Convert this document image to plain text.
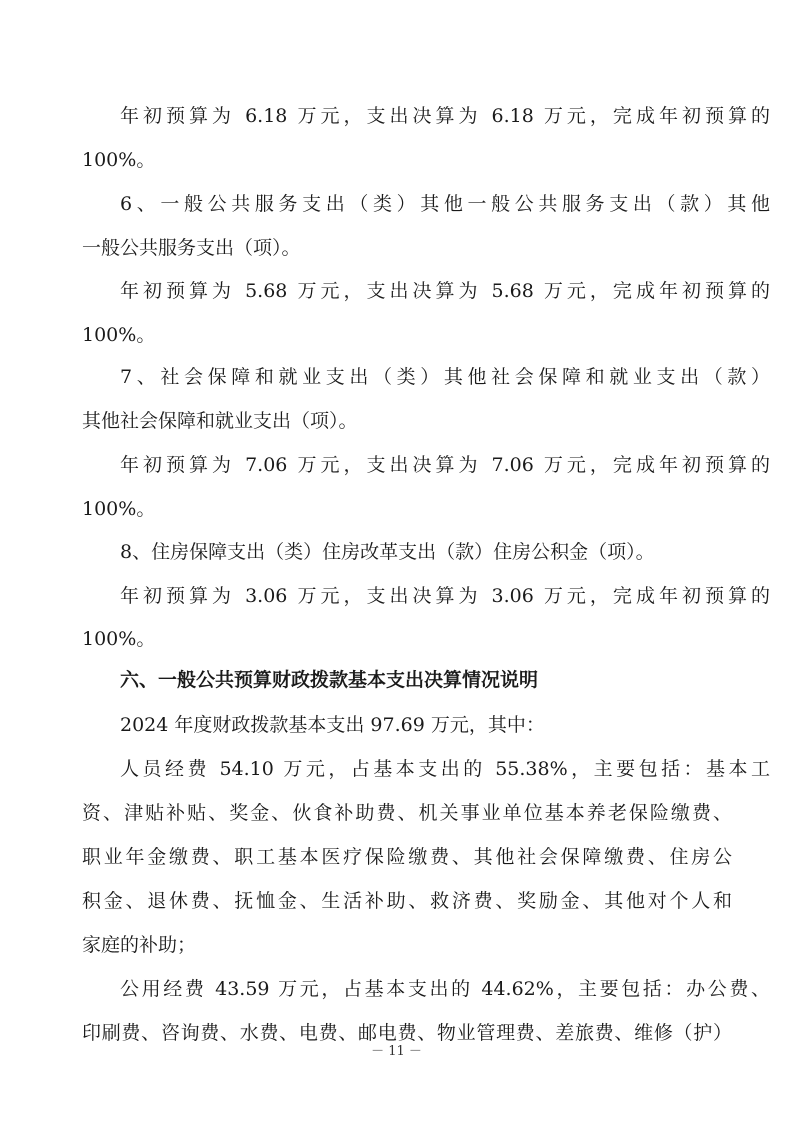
年初预算为 6.18 万元，支出决算为 6.18 万元，完成年初预算的
100%。
6、一般公共服务支出（类）其他一般公共服务支出（款）其他
一般公共服务支出（项）。
年初预算为 5.68 万元，支出决算为 5.68 万元，完成年初预算的
100%。
7、社会保障和就业支出（类）其他社会保障和就业支出（款）
其他社会保障和就业支出（项）。
年初预算为 7.06 万元，支出决算为 7.06 万元，完成年初预算的
100%。
8、住房保障支出（类）住房改革支出（款）住房公积金（项）。
年初预算为 3.06 万元，支出决算为 3.06 万元，完成年初预算的
100%。
六、一般公共预算财政拨款基本支出决算情况说明
2024 年度财政拨款基本支出 97.69 万元，其中：
人员经费 54.10 万元，占基本支出的 55.38%，主要包括：基本工
资、津贴补贴、奖金、伙食补助费、机关事业单位基本养老保险缴费、
职业年金缴费、职工基本医疗保险缴费、其他社会保障缴费、住房公
积金、退休费、抚恤金、生活补助、救济费、奖励金、其他对个人和
家庭的补助；
公用经费 43.59 万元，占基本支出的 44.62%，主要包括：办公费、
印刷费、咨询费、水费、电费、邮电费、物业管理费、差旅费、维修（护）
－ 11 －
